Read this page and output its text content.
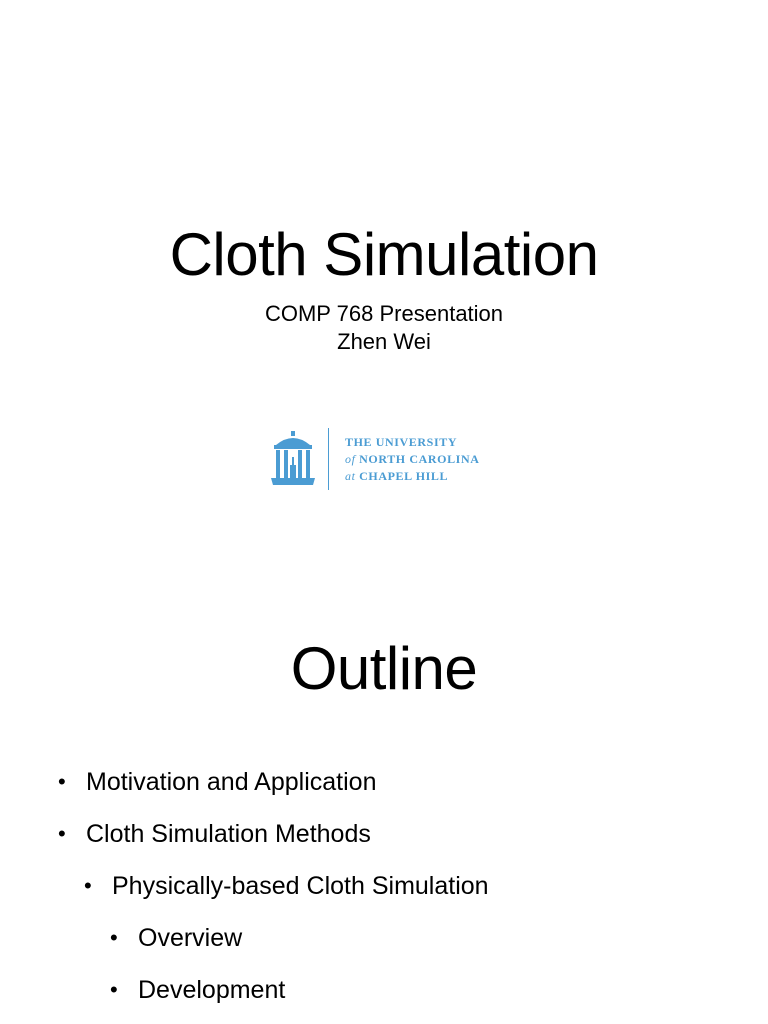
Cloth Simulation
COMP 768 Presentation
Zhen Wei
THE UNIVERSITY
of NORTH CAROLINA
at CHAPEL HILL
Outline
• Motivation and Application
• Cloth Simulation Methods
• Physically-based Cloth Simulation
• Overview
• Development
